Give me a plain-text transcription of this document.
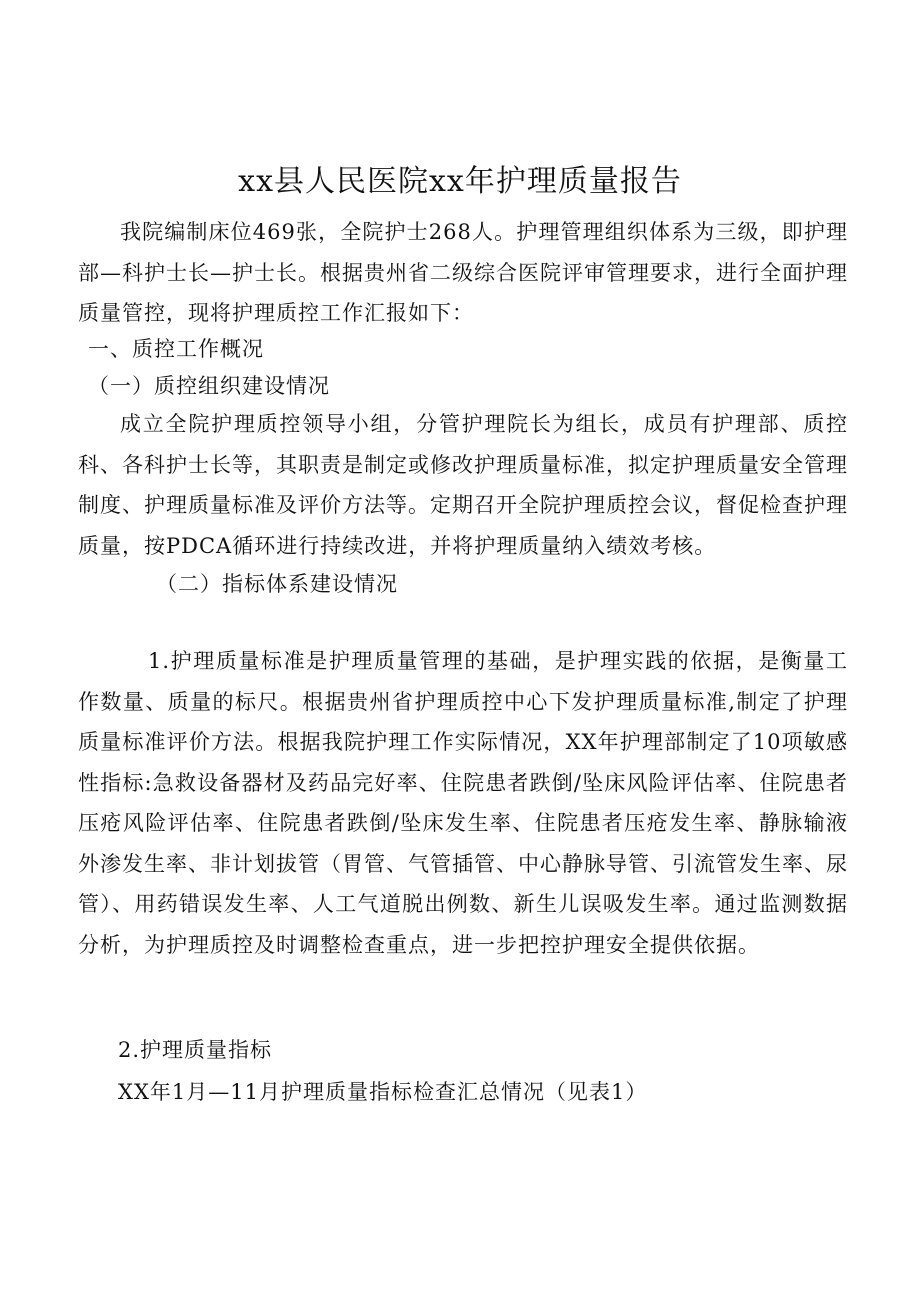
xx县人民医院xx年护理质量报告

我院编制床位469张，全院护士268人。护理管理组织体系为三级，即护理部—科护士长—护士长。根据贵州省二级综合医院评审管理要求，进行全面护理质量管控，现将护理质控工作汇报如下：

一、质控工作概况

（一）质控组织建设情况

成立全院护理质控领导小组，分管护理院长为组长，成员有护理部、质控科、各科护士长等，其职责是制定或修改护理质量标准，拟定护理质量安全管理制度、护理质量标准及评价方法等。定期召开全院护理质控会议，督促检查护理质量，按PDCA循环进行持续改进，并将护理质量纳入绩效考核。

（二）指标体系建设情况

1.护理质量标准是护理质量管理的基础，是护理实践的依据，是衡量工作数量、质量的标尺。根据贵州省护理质控中心下发护理质量标准,制定了护理质量标准评价方法。根据我院护理工作实际情况，XX年护理部制定了10项敏感性指标:急救设备器材及药品完好率、住院患者跌倒/坠床风险评估率、住院患者压疮风险评估率、住院患者跌倒/坠床发生率、住院患者压疮发生率、静脉输液外渗发生率、非计划拔管（胃管、气管插管、中心静脉导管、引流管发生率、尿管）、用药错误发生率、人工气道脱出例数、新生儿误吸发生率。通过监测数据分析，为护理质控及时调整检查重点，进一步把控护理安全提供依据。

2.护理质量指标

XX年1月—11月护理质量指标检查汇总情况（见表1）
